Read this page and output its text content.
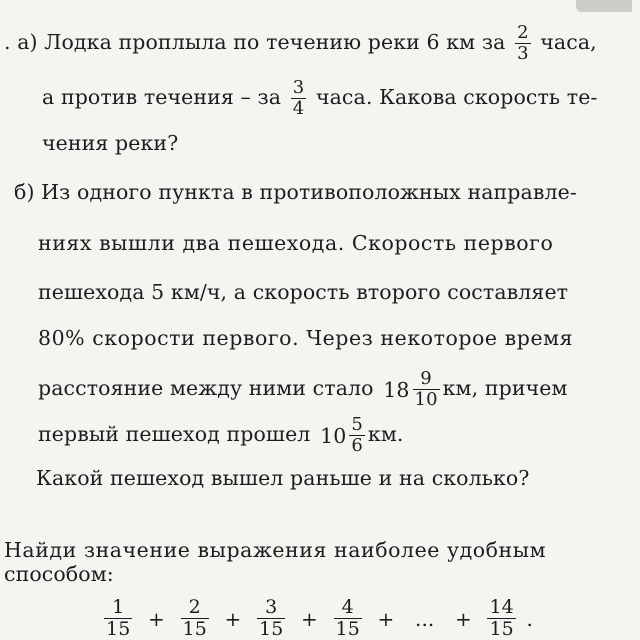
. а) Лодка проплыла по течению реки 6 км за $\frac{2}{3}$ часа,
а против течения – за $\frac{3}{4}$ часа. Какова скорость те-
чения реки?
б) Из одного пункта в противоположных направле-
ниях вышли два пешехода. Скорость первого
пешехода 5 км/ч, а скорость второго составляет
80% скорости первого. Через некоторое время
расстояние между ними стало $18 \frac{9}{10}$ км, причем
первый пешеход прошел $10 \frac{5}{6}$ км.
Какой пешеход вышел раньше и на сколько?
Найди значение выражения наиболее удобным
способом:
$\frac{1}{15} + \frac{2}{15} + \frac{3}{15} + \frac{4}{15}$ + ... + $\frac{14}{15}$ .
